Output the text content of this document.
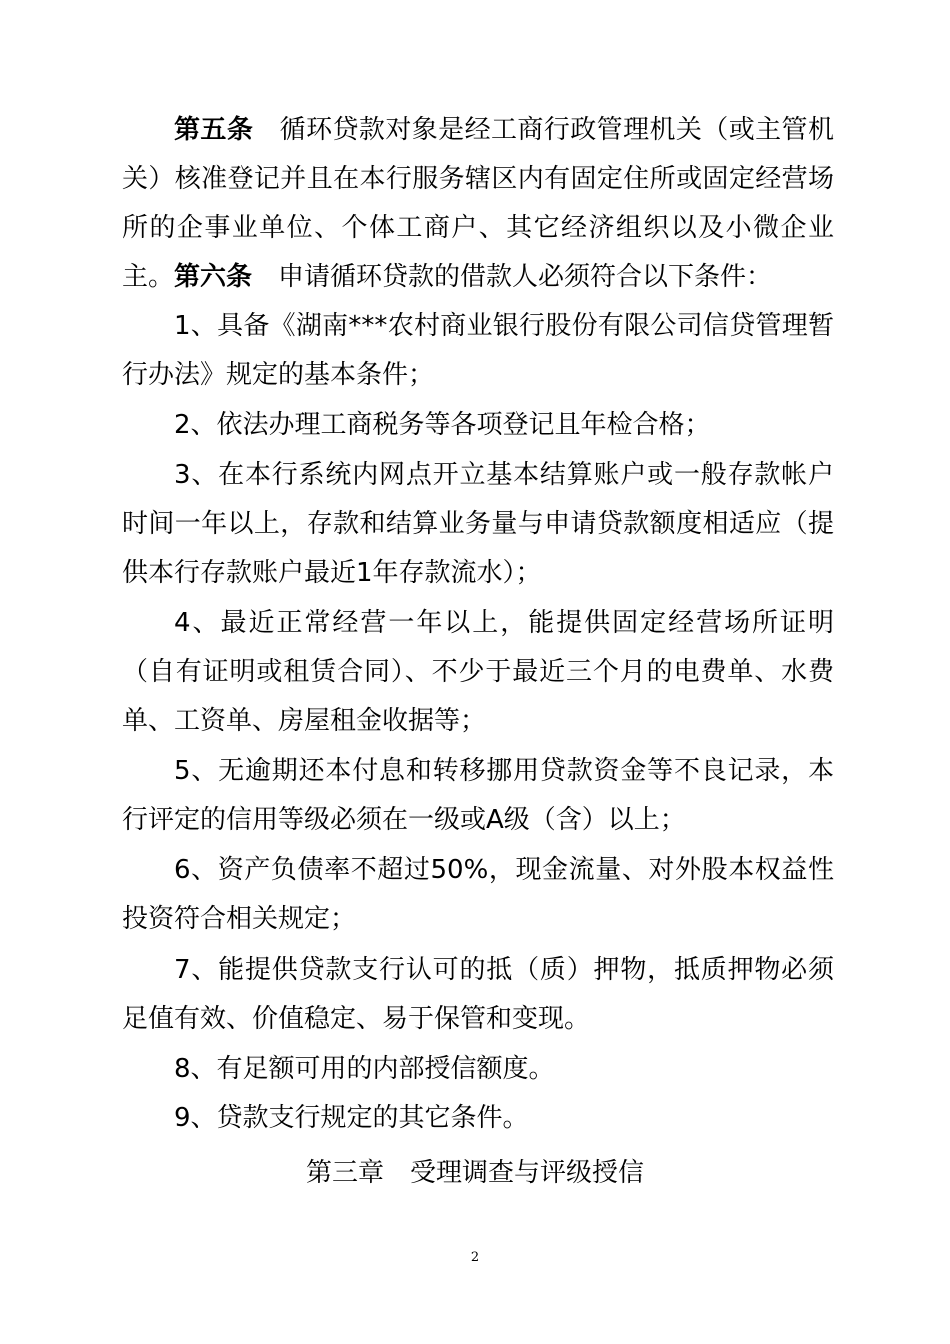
第五条　 循环贷款对象是经工商行政管理机关（或主管机关）核准登记并且在本行服务辖区内有固定住所或固定经营场所的企事业单位、个体工商户、其它经济组织以及小微企业主。 第六条　 申请循环贷款的借款人必须符合以下条件：

1、具备《湖南***农村商业银行股份有限公司信贷管理暂行办法》规定的基本条件；

2、依法办理工商税务等各项登记且年检合格；

3、在本行系统内网点开立基本结算账户或一般存款帐户时间一年以上，存款和结算业务量与申请贷款额度相适应（提供本行存款账户最近1年存款流水）；

4、最近正常经营一年以上，能提供固定经营场所证明（自有证明或租赁合同）、不少于最近三个月的电费单、水费单、工资单、房屋租金收据等；

5、无逾期还本付息和转移挪用贷款资金等不良记录，本行评定的信用等级必须在一级或A级（含）以上；

6、资产负债率不超过50%，现金流量、对外股本权益性投资符合相关规定；

7、能提供贷款支行认可的抵（质）押物，抵质押物必须足值有效、价值稳定、易于保管和变现。

8、有足额可用的内部授信额度。

9、贷款支行规定的其它条件。

第三章　受理调查与评级授信

2
